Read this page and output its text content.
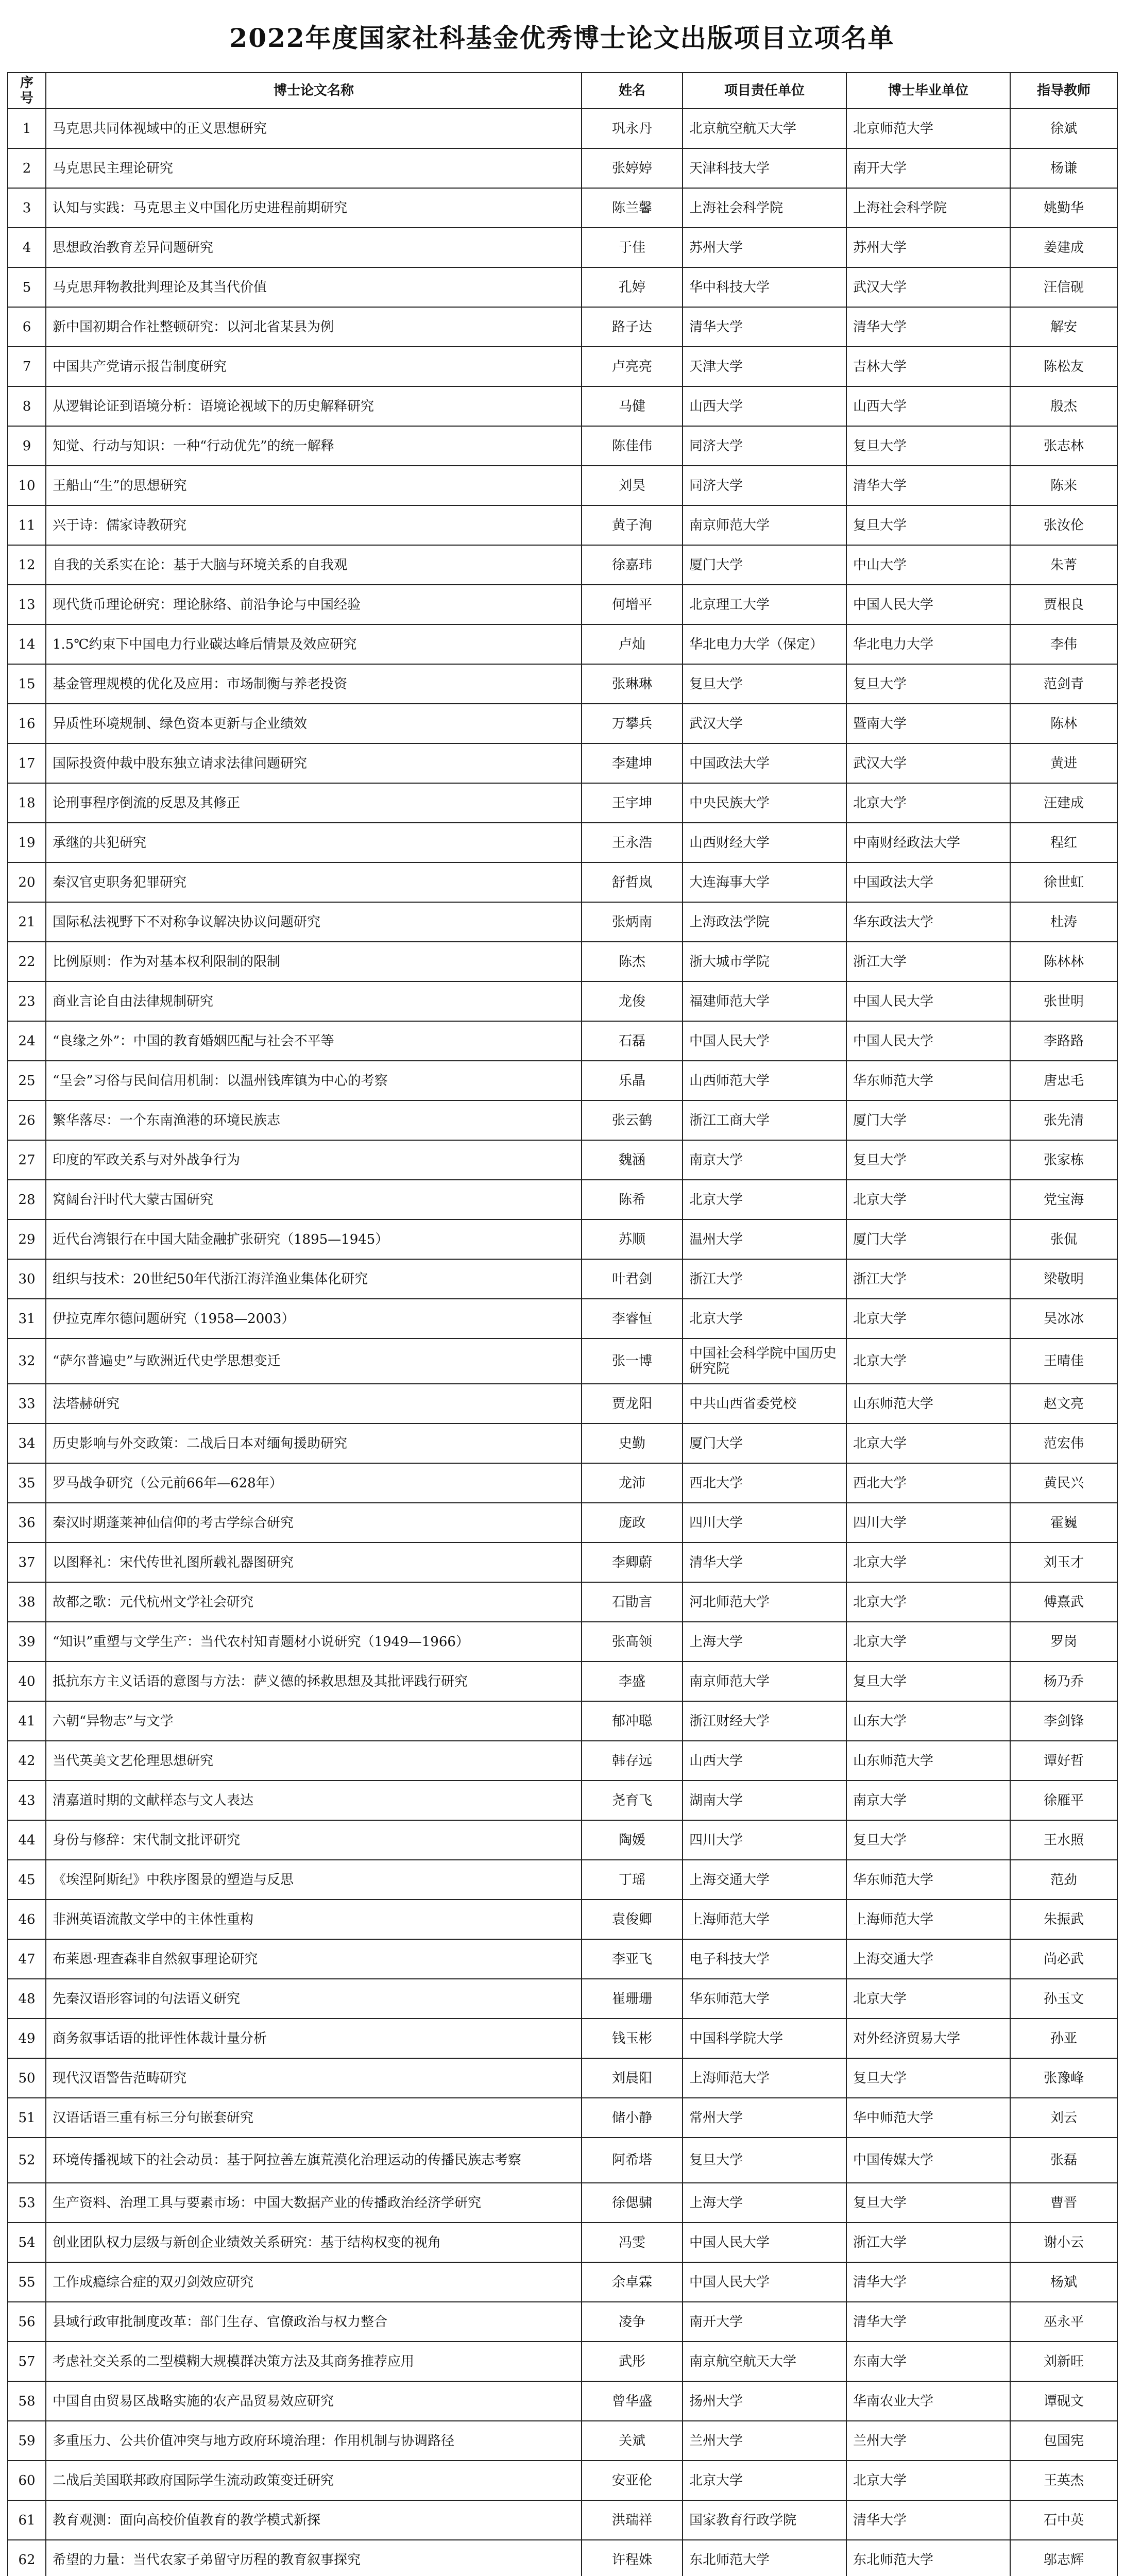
2022年度国家社科基金优秀博士论文出版项目立项名单
序号	博士论文名称	姓名	项目责任单位	博士毕业单位	指导教师
1	马克思共同体视域中的正义思想研究	巩永丹	北京航空航天大学	北京师范大学	徐斌
2	马克思民主理论研究	张婷婷	天津科技大学	南开大学	杨谦
3	认知与实践：马克思主义中国化历史进程前期研究	陈兰馨	上海社会科学院	上海社会科学院	姚勤华
4	思想政治教育差异问题研究	于佳	苏州大学	苏州大学	姜建成
5	马克思拜物教批判理论及其当代价值	孔婷	华中科技大学	武汉大学	汪信砚
6	新中国初期合作社整顿研究：以河北省某县为例	路子达	清华大学	清华大学	解安
7	中国共产党请示报告制度研究	卢亮亮	天津大学	吉林大学	陈松友
8	从逻辑论证到语境分析：语境论视域下的历史解释研究	马健	山西大学	山西大学	殷杰
9	知觉、行动与知识：一种“行动优先”的统一解释	陈佳伟	同济大学	复旦大学	张志林
10	王船山“生”的思想研究	刘昊	同济大学	清华大学	陈来
11	兴于诗：儒家诗教研究	黄子洵	南京师范大学	复旦大学	张汝伦
12	自我的关系实在论：基于大脑与环境关系的自我观	徐嘉玮	厦门大学	中山大学	朱菁
13	现代货币理论研究：理论脉络、前沿争论与中国经验	何增平	北京理工大学	中国人民大学	贾根良
14	1.5℃约束下中国电力行业碳达峰后情景及效应研究	卢灿	华北电力大学（保定）	华北电力大学	李伟
15	基金管理规模的优化及应用：市场制衡与养老投资	张琳琳	复旦大学	复旦大学	范剑青
16	异质性环境规制、绿色资本更新与企业绩效	万攀兵	武汉大学	暨南大学	陈林
17	国际投资仲裁中股东独立请求法律问题研究	李建坤	中国政法大学	武汉大学	黄进
18	论刑事程序倒流的反思及其修正	王宇坤	中央民族大学	北京大学	汪建成
19	承继的共犯研究	王永浩	山西财经大学	中南财经政法大学	程红
20	秦汉官吏职务犯罪研究	舒哲岚	大连海事大学	中国政法大学	徐世虹
21	国际私法视野下不对称争议解决协议问题研究	张炳南	上海政法学院	华东政法大学	杜涛
22	比例原则：作为对基本权利限制的限制	陈杰	浙大城市学院	浙江大学	陈林林
23	商业言论自由法律规制研究	龙俊	福建师范大学	中国人民大学	张世明
24	“良缘之外”：中国的教育婚姻匹配与社会不平等	石磊	中国人民大学	中国人民大学	李路路
25	“呈会”习俗与民间信用机制：以温州钱库镇为中心的考察	乐晶	山西师范大学	华东师范大学	唐忠毛
26	繁华落尽：一个东南渔港的环境民族志	张云鹤	浙江工商大学	厦门大学	张先清
27	印度的军政关系与对外战争行为	魏涵	南京大学	复旦大学	张家栋
28	窝阔台汗时代大蒙古国研究	陈希	北京大学	北京大学	党宝海
29	近代台湾银行在中国大陆金融扩张研究（1895—1945）	苏顺	温州大学	厦门大学	张侃
30	组织与技术：20世纪50年代浙江海洋渔业集体化研究	叶君剑	浙江大学	浙江大学	梁敬明
31	伊拉克库尔德问题研究（1958—2003）	李睿恒	北京大学	北京大学	吴冰冰
32	“萨尔普遍史”与欧洲近代史学思想变迁	张一博	中国社会科学院中国历史研究院	北京大学	王晴佳
33	法塔赫研究	贾龙阳	中共山西省委党校	山东师范大学	赵文亮
34	历史影响与外交政策：二战后日本对缅甸援助研究	史勤	厦门大学	北京大学	范宏伟
35	罗马战争研究（公元前66年—628年）	龙沛	西北大学	西北大学	黄民兴
36	秦汉时期蓬莱神仙信仰的考古学综合研究	庞政	四川大学	四川大学	霍巍
37	以图释礼：宋代传世礼图所载礼器图研究	李卿蔚	清华大学	北京大学	刘玉才
38	故都之歌：元代杭州文学社会研究	石勖言	河北师范大学	北京大学	傅熹武
39	“知识”重塑与文学生产：当代农村知青题材小说研究（1949—1966）	张高领	上海大学	北京大学	罗岗
40	抵抗东方主义话语的意图与方法：萨义德的拯救思想及其批评践行研究	李盛	南京师范大学	复旦大学	杨乃乔
41	六朝“异物志”与文学	郁冲聪	浙江财经大学	山东大学	李剑锋
42	当代英美文艺伦理思想研究	韩存远	山西大学	山东师范大学	谭好哲
43	清嘉道时期的文献样态与文人表达	尧育飞	湖南大学	南京大学	徐雁平
44	身份与修辞：宋代制文批评研究	陶媛	四川大学	复旦大学	王水照
45	《埃涅阿斯纪》中秩序图景的塑造与反思	丁瑶	上海交通大学	华东师范大学	范劲
46	非洲英语流散文学中的主体性重构	袁俊卿	上海师范大学	上海师范大学	朱振武
47	布莱恩·理查森非自然叙事理论研究	李亚飞	电子科技大学	上海交通大学	尚必武
48	先秦汉语形容词的句法语义研究	崔珊珊	华东师范大学	北京大学	孙玉文
49	商务叙事话语的批评性体裁计量分析	钱玉彬	中国科学院大学	对外经济贸易大学	孙亚
50	现代汉语警告范畴研究	刘晨阳	上海师范大学	复旦大学	张豫峰
51	汉语话语三重有标三分句嵌套研究	储小静	常州大学	华中师范大学	刘云
52	环境传播视域下的社会动员：基于阿拉善左旗荒漠化治理运动的传播民族志考察	阿希塔	复旦大学	中国传媒大学	张磊
53	生产资料、治理工具与要素市场：中国大数据产业的传播政治经济学研究	徐偲骕	上海大学	复旦大学	曹晋
54	创业团队权力层级与新创企业绩效关系研究：基于结构权变的视角	冯雯	中国人民大学	浙江大学	谢小云
55	工作成瘾综合症的双刃剑效应研究	余卓霖	中国人民大学	清华大学	杨斌
56	县域行政审批制度改革：部门生存、官僚政治与权力整合	凌争	南开大学	清华大学	巫永平
57	考虑社交关系的二型模糊大规模群决策方法及其商务推荐应用	武彤	南京航空航天大学	东南大学	刘新旺
58	中国自由贸易区战略实施的农产品贸易效应研究	曾华盛	扬州大学	华南农业大学	谭砚文
59	多重压力、公共价值冲突与地方政府环境治理：作用机制与协调路径	关斌	兰州大学	兰州大学	包国宪
60	二战后美国联邦政府国际学生流动政策变迁研究	安亚伦	北京大学	北京大学	王英杰
61	教育观测：面向高校价值教育的教学模式新探	洪瑞祥	国家教育行政学院	清华大学	石中英
62	希望的力量：当代农家子弟留守历程的教育叙事探究	许程姝	东北师范大学	东北师范大学	邬志辉
